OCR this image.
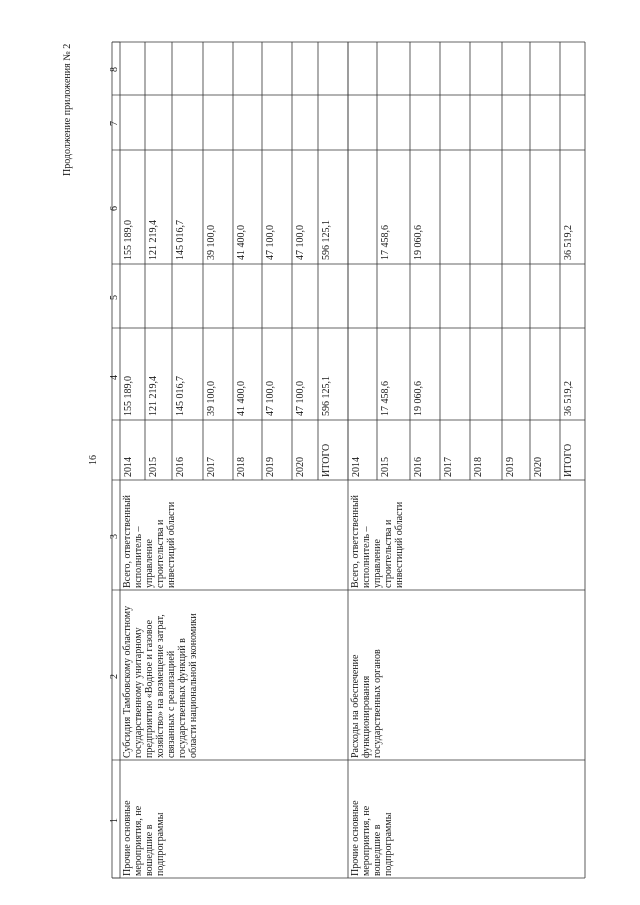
16
Продолжение приложения № 2
1
2
3
4
5
6
7
8
Прочие основные мероприятия, не вошедшие в подпрограммы
Субсидия Тамбовскому областному государственному унитарному предприятию «Водное и газовое хозяйство» на возмещение затрат, связанных с реализацией государственных функций в области национальной экономики
Всего, ответственный исполнитель – управление строительства и инвестиций области
2014
155 189,0
155 189,0
2015
121 219,4
121 219,4
2016
145 016,7
145 016,7
2017
39 100,0
39 100,0
2018
41 400,0
41 400,0
2019
47 100,0
47 100,0
2020
47 100,0
47 100,0
ИТОГО
596 125,1
596 125,1
Прочие основные мероприятия, не вошедшие в подпрограммы
Расходы на обеспечение функционирования государственных органов
Всего, ответственный исполнитель – управление строительства и инвестиций области
2014 2015
17 458,6
17 458,6
2016
19 060,6
19 060,6
2017 2018 2019 2020 ИТОГО
36 519,2
36 519,2
